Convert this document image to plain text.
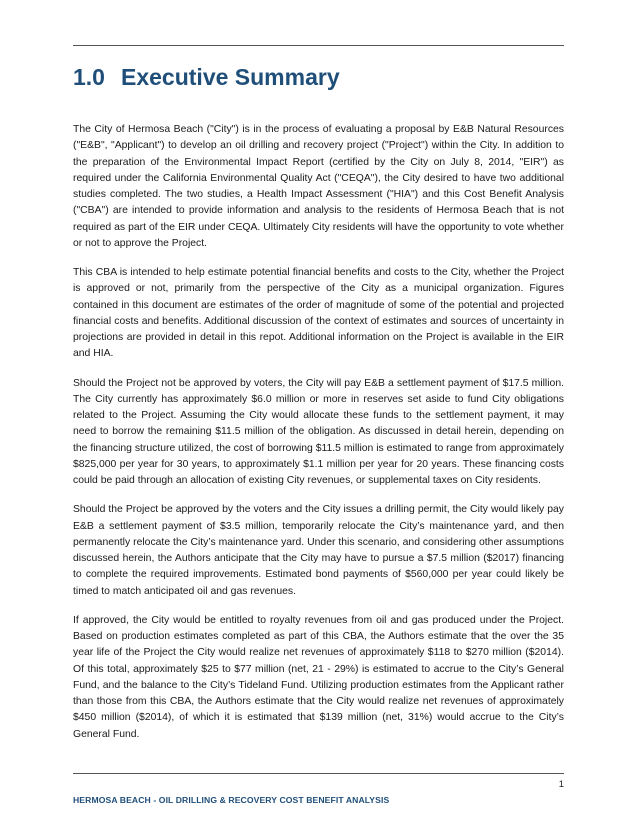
1.0 Executive Summary

The City of Hermosa Beach ("City") is in the process of evaluating a proposal by E&B Natural Resources ("E&B", "Applicant") to develop an oil drilling and recovery project ("Project") within the City. In addition to the preparation of the Environmental Impact Report (certified by the City on July 8, 2014, "EIR") as required under the California Environmental Quality Act ("CEQA"), the City desired to have two additional studies completed. The two studies, a Health Impact Assessment ("HIA") and this Cost Benefit Analysis ("CBA") are intended to provide information and analysis to the residents of Hermosa Beach that is not required as part of the EIR under CEQA. Ultimately City residents will have the opportunity to vote whether or not to approve the Project.

This CBA is intended to help estimate potential financial benefits and costs to the City, whether the Project is approved or not, primarily from the perspective of the City as a municipal organization. Figures contained in this document are estimates of the order of magnitude of some of the potential and projected financial costs and benefits. Additional discussion of the context of estimates and sources of uncertainty in projections are provided in detail in this repot. Additional information on the Project is available in the EIR and HIA.

Should the Project not be approved by voters, the City will pay E&B a settlement payment of $17.5 million. The City currently has approximately $6.0 million or more in reserves set aside to fund City obligations related to the Project. Assuming the City would allocate these funds to the settlement payment, it may need to borrow the remaining $11.5 million of the obligation. As discussed in detail herein, depending on the financing structure utilized, the cost of borrowing $11.5 million is estimated to range from approximately $825,000 per year for 30 years, to approximately $1.1 million per year for 20 years. These financing costs could be paid through an allocation of existing City revenues, or supplemental taxes on City residents.

Should the Project be approved by the voters and the City issues a drilling permit, the City would likely pay E&B a settlement payment of $3.5 million, temporarily relocate the City’s maintenance yard, and then permanently relocate the City’s maintenance yard. Under this scenario, and considering other assumptions discussed herein, the Authors anticipate that the City may have to pursue a $7.5 million ($2017) financing to complete the required improvements. Estimated bond payments of $560,000 per year could likely be timed to match anticipated oil and gas revenues.

If approved, the City would be entitled to royalty revenues from oil and gas produced under the Project. Based on production estimates completed as part of this CBA, the Authors estimate that the over the 35 year life of the Project the City would realize net revenues of approximately $118 to $270 million ($2014). Of this total, approximately $25 to $77 million (net, 21 - 29%) is estimated to accrue to the City’s General Fund, and the balance to the City’s Tideland Fund. Utilizing production estimates from the Applicant rather than those from this CBA, the Authors estimate that the City would realize net revenues of approximately $450 million ($2014), of which it is estimated that $139 million (net, 31%) would accrue to the City’s General Fund.

1
HERMOSA BEACH - OIL DRILLING & RECOVERY COST BENEFIT ANALYSIS
